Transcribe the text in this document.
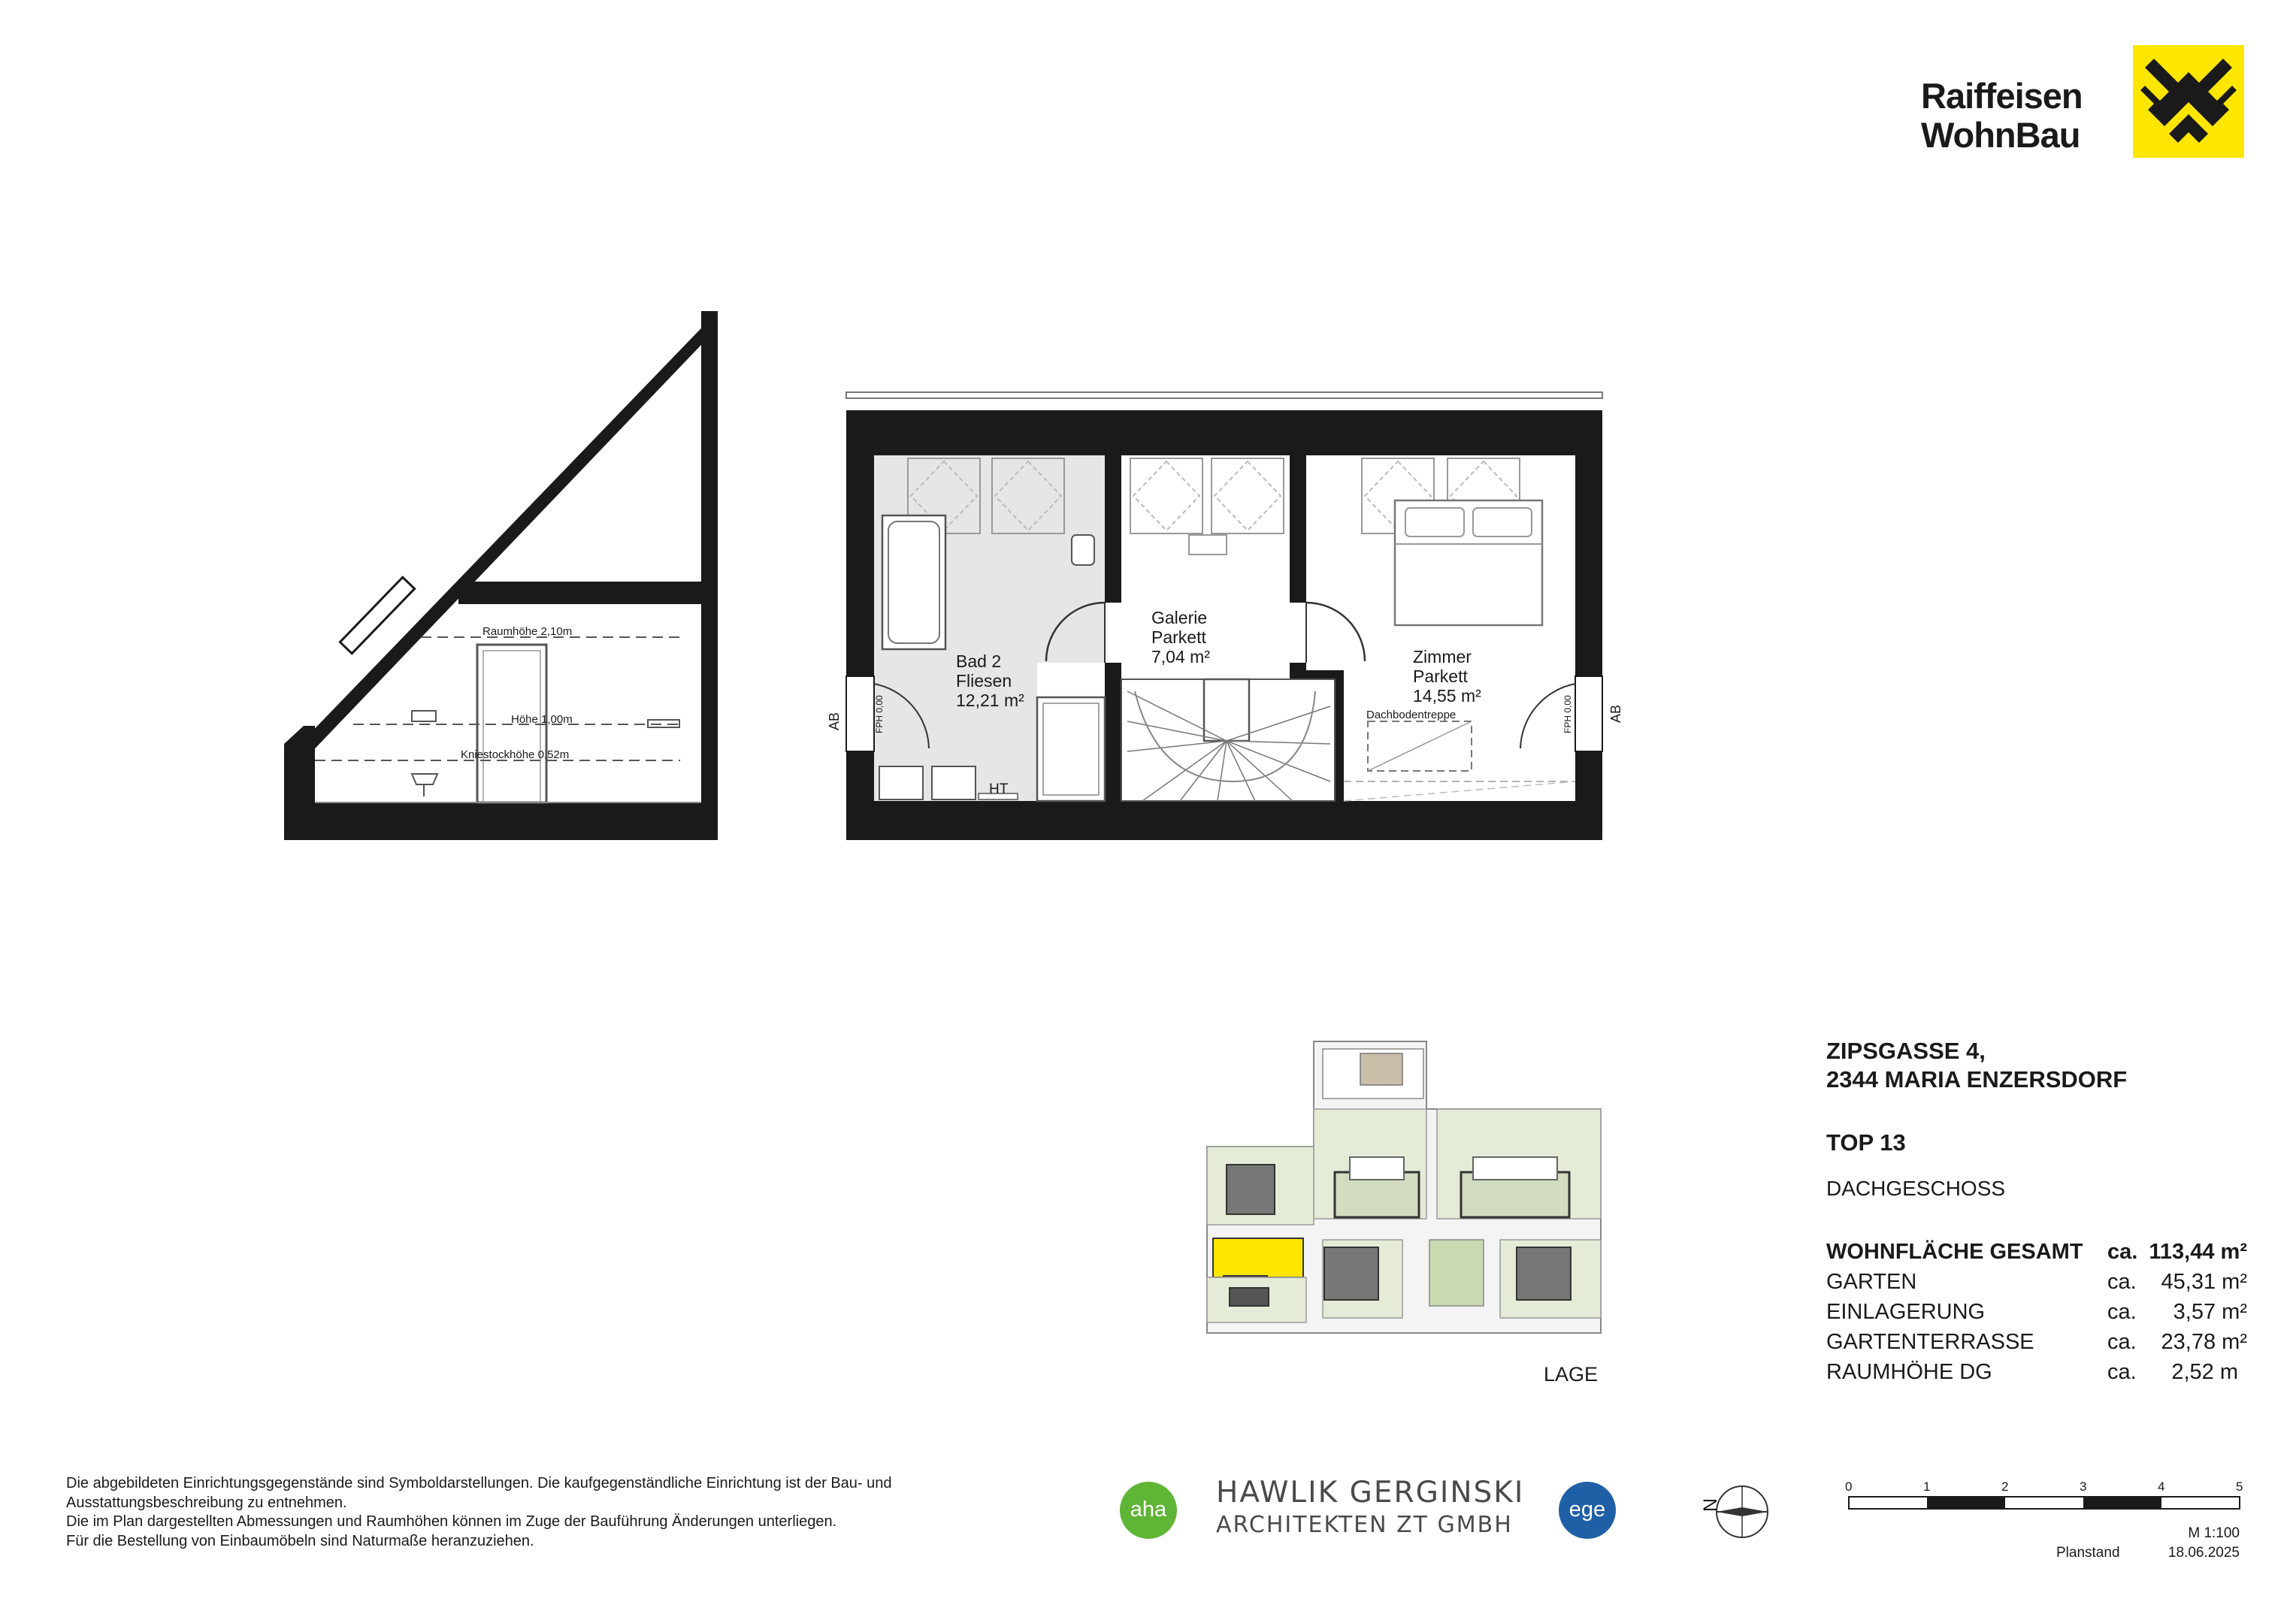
Raumhöhe 2,10m
Höhe 1,00m
Kniestockhöhe 0,52m
Bad 2
Fliesen
12,21 m²
Galerie
Parkett
7,04 m²	Zimmer
Parkett
14,55 m²
Dachbodentreppe
HT
AB	FPH 0,00	AB
FPH 0,00
LAGE
N
0	1	2	3	4	5
Raiffeisen
WohnBau
ZIPSGASSE 4,
2344 MARIA ENZERSDORF
TOP 13
DACHGESCHOSS
WOHNFLÄCHE GESAMT ca. 113,44 m²
GARTEN	ca. 45,31 m²
EINLAGERUNG	ca. 3,57 m²
GARTENTERRASSE	ca. 23,78 m²
RAUMHÖHE DG	ca. 2,52 m
Die abgebildeten Einrichtungsgegenstände sind Symboldarstellungen. Die kaufgegenständliche Einrichtung ist der Bau- und
Ausstattungsbeschreibung zu entnehmen.
Die im Plan dargestellten Abmessungen und Raumhöhen können im Zuge der Bauführung Änderungen unterliegen.
Für die Bestellung von Einbaumöbeln sind Naturmaße heranzuziehen.
aha	HAWLIK GERGINSKI
ARCHITEKTEN ZT GMBH
ege
M 1:100
Planstand	18.06.2025
